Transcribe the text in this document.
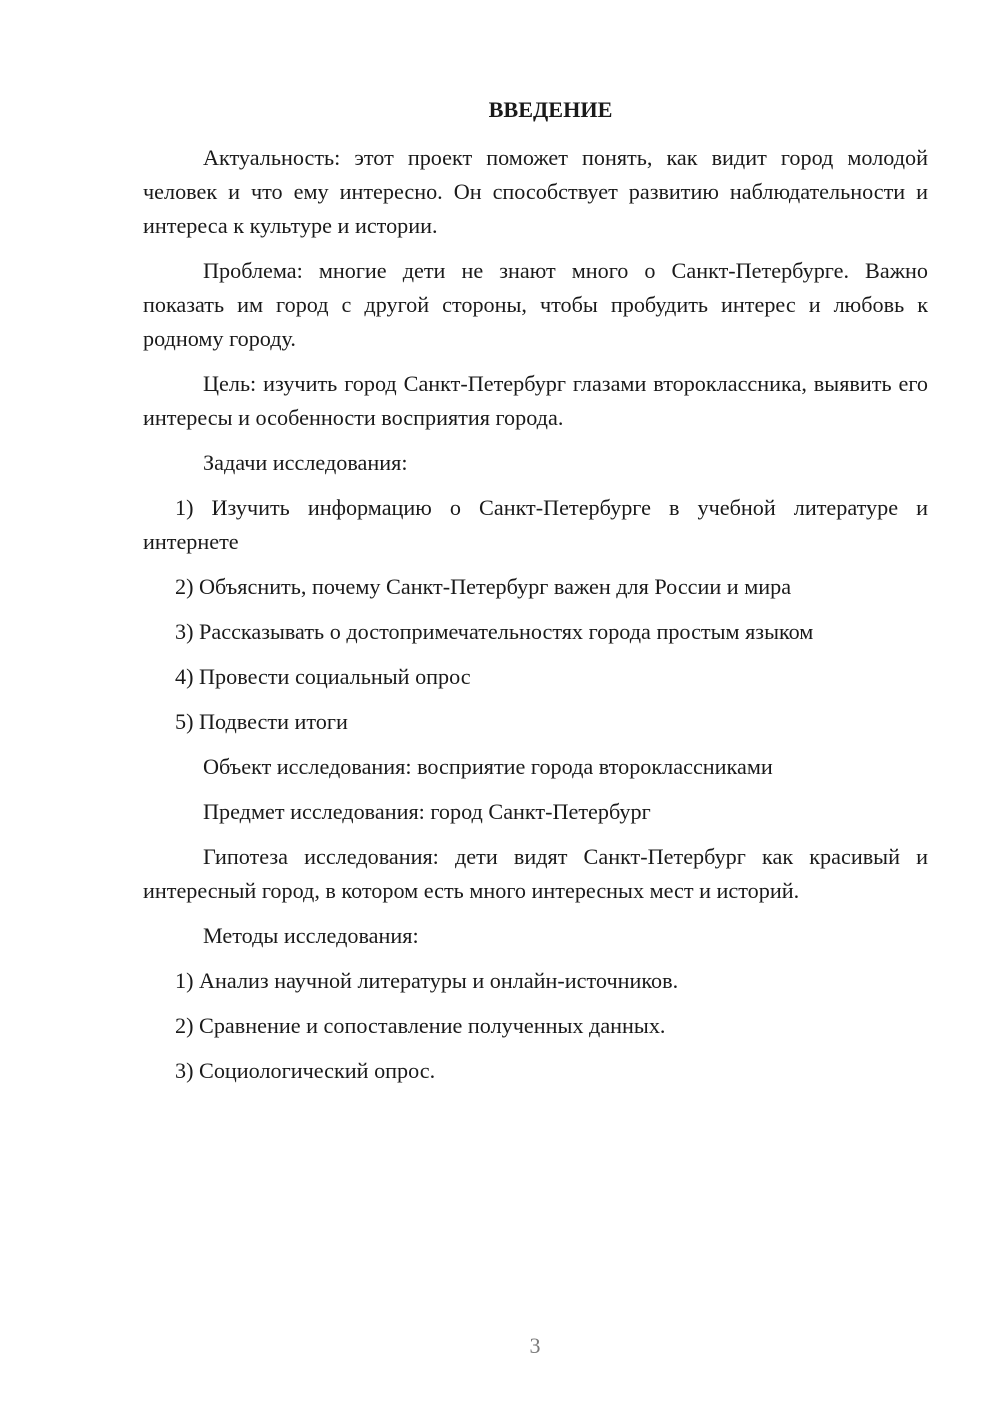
ВВЕДЕНИЕ

Актуальность: этот проект поможет понять, как видит город молодой человек и что ему интересно. Он способствует развитию наблюдательности и интереса к культуре и истории.

Проблема: многие дети не знают много о Санкт-Петербурге. Важно показать им город с другой стороны, чтобы пробудить интерес и любовь к родному городу.

Цель: изучить город Санкт-Петербург глазами второклассника, выявить его интересы и особенности восприятия города.

Задачи исследования:

1) Изучить информацию о Санкт-Петербурге в учебной литературе и интернете

2) Объяснить, почему Санкт-Петербург важен для России и мира

3) Рассказывать о достопримечательностях города простым языком

4) Провести социальный опрос

5) Подвести итоги

Объект исследования: восприятие города второклассниками

Предмет исследования: город Санкт-Петербург

Гипотеза исследования: дети видят Санкт-Петербург как красивый и интересный город, в котором есть много интересных мест и историй.

Методы исследования:

1) Анализ научной литературы и онлайн-источников.

2) Сравнение и сопоставление полученных данных.

3) Социологический опрос.

3
